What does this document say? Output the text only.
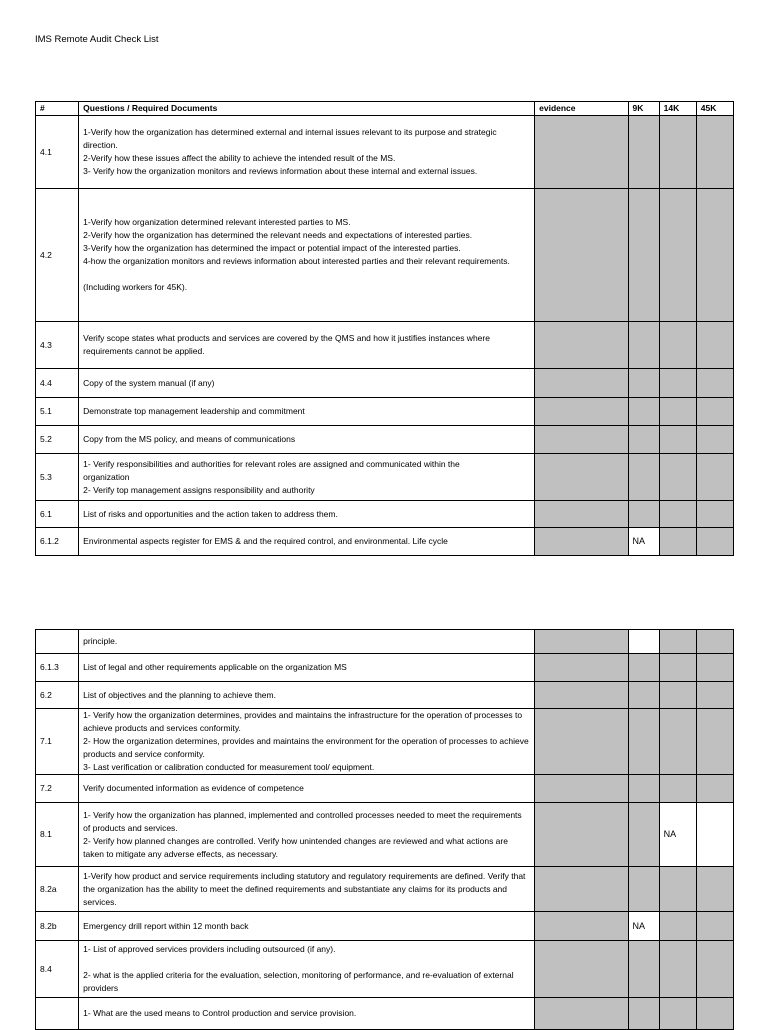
IMS Remote Audit Check List
#	Questions / Required Documents	evidence	9K	14K	45K
4.1	1-Verify how the organization has determined external and internal issues relevant to its purpose and strategic direction.
2-Verify how these issues affect the ability to achieve the intended result of the MS.
3- Verify how the organization monitors and reviews information about these internal and external issues.				
4.2	1-Verify how organization determined relevant interested parties to MS.
2-Verify how the organization has determined the relevant needs and expectations of interested parties.
3-Verify how the organization has determined the impact or potential impact of the interested parties.
4-how the organization monitors and reviews information about interested parties and their relevant requirements.

(Including workers for 45K).				
4.3	Verify scope states what products and services are covered by the QMS and how it justifies instances where requirements cannot be applied.				
4.4	Copy of the system manual (if any)				
5.1	Demonstrate top management leadership and commitment				
5.2	Copy from the MS policy, and means of communications				
5.3	1- Verify responsibilities and authorities for relevant roles are assigned and communicated within the
organization
2- Verify top management assigns responsibility and authority				
6.1	List of risks and opportunities and the action taken to address them.				
6.1.2	Environmental aspects register for EMS & and the required control, and environmental. Life cycle		NA		
	principle.				
6.1.3	List of legal and other requirements applicable on the organization MS				
6.2	List of objectives and the planning to achieve them.				
7.1	1- Verify how the organization determines, provides and maintains the infrastructure for the operation of processes to achieve products and services conformity.
2- How the organization determines, provides and maintains the environment for the operation of processes to achieve products and service conformity.
3- Last verification or calibration conducted for measurement tool/ equipment.				
7.2	Verify documented information as evidence of competence				
8.1	1- Verify how the organization has planned, implemented and controlled processes needed to meet the requirements of products and services.
2- Verify how planned changes are controlled. Verify how unintended changes are reviewed and what actions are taken to mitigate any adverse effects, as necessary.			NA	
8.2a	1-Verify how product and service requirements including statutory and regulatory requirements are defined. Verify that the organization has the ability to meet the defined requirements and substantiate any claims for its products and services.				
8.2b	Emergency drill report within 12 month back		NA		
8.4	1- List of approved services providers including outsourced (if any).

2- what is the applied criteria for the evaluation, selection, monitoring of performance, and re-evaluation of external providers				
	1- What are the used means to Control production and service provision.				
